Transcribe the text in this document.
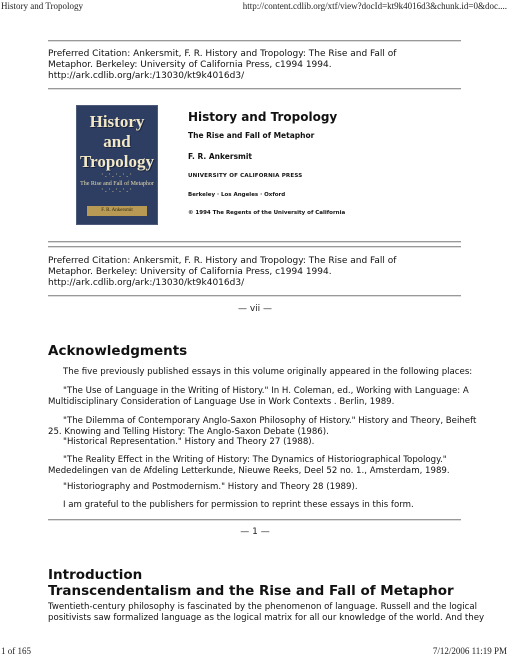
History and Tropology	http://content.cdlib.org/xtf/view?docId=kt9k4016d3&chunk.id=0&doc....
Preferred Citation: Ankersmit, F. R. History and Tropology: The Rise and Fall of
Metaphor. Berkeley: University of California Press, c1994 1994.
http://ark.cdlib.org/ark:/13030/kt9k4016d3/
History and
Tropology
·.·.·.·.·
The Rise and Fall of Metaphor
·.·.·.·.·
F. R. Ankersmit
History and Tropology
The Rise and Fall of Metaphor
F. R. Ankersmit
UNIVERSITY OF CALIFORNIA PRESS
Berkeley · Los Angeles · Oxford
© 1994 The Regents of the University of California
Preferred Citation: Ankersmit, F. R. History and Tropology: The Rise and Fall of
Metaphor. Berkeley: University of California Press, c1994 1994.
http://ark.cdlib.org/ark:/13030/kt9k4016d3/
— vii —
Acknowledgments
The five previously published essays in this volume originally appeared in the following places:
"The Use of Language in the Writing of History." In H. Coleman, ed., Working with Language: A
Multidisciplinary Consideration of Language Use in Work Contexts . Berlin, 1989.
"The Dilemma of Contemporary Anglo-Saxon Philosophy of History." History and Theory, Beiheft
25. Knowing and Telling History: The Anglo-Saxon Debate (1986).
"Historical Representation." History and Theory 27 (1988).
"The Reality Effect in the Writing of History: The Dynamics of Historiographical Topology."
Mededelingen van de Afdeling Letterkunde, Nieuwe Reeks, Deel 52 no. 1., Amsterdam, 1989.
"Historiography and Postmodernism." History and Theory 28 (1989).
I am grateful to the publishers for permission to reprint these essays in this form.
— 1 —
Introduction
Transcendentalism and the Rise and Fall of Metaphor
Twentieth-century philosophy is fascinated by the phenomenon of language. Russell and the logical
positivists saw formalized language as the logical matrix for all our knowledge of the world. And they
1 of 165	7/12/2006 11:19 PM
